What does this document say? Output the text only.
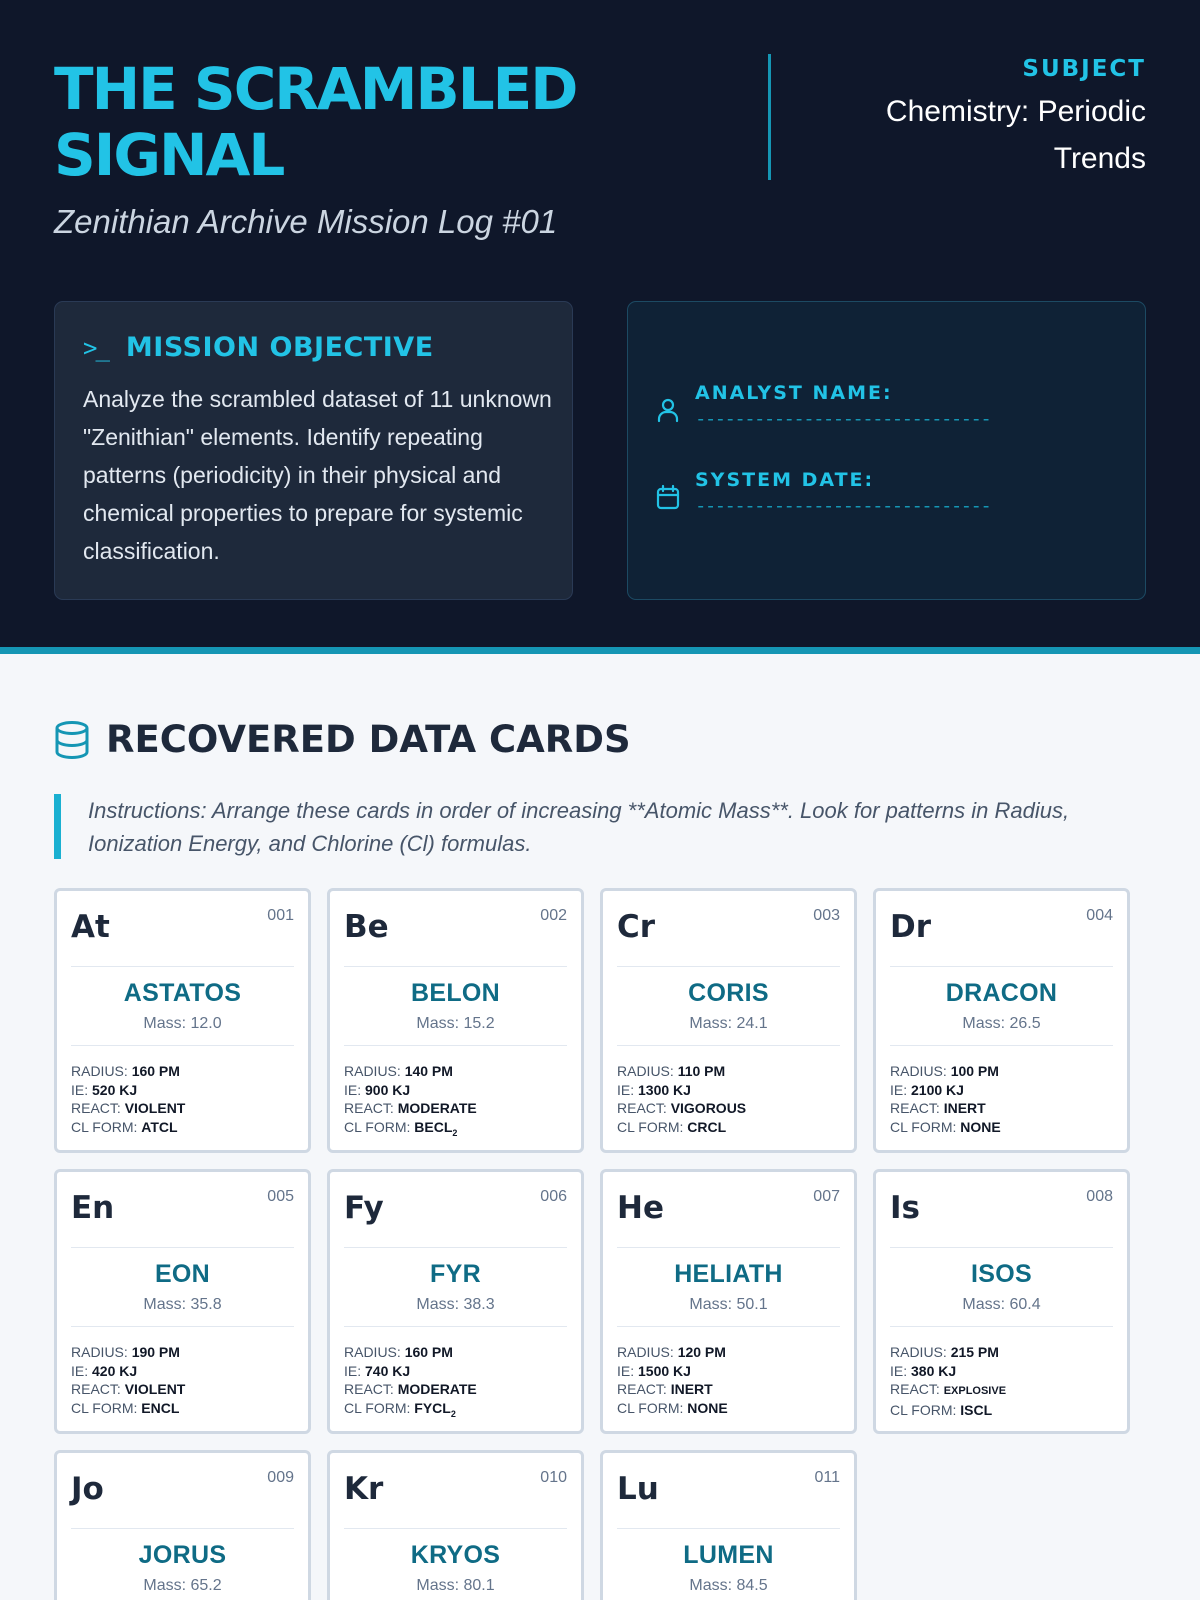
THE SCRAMBLED SIGNAL
Zenithian Archive Mission Log #01
SUBJECT
Chemistry: Periodic Trends
>_ MISSION OBJECTIVE
Analyze the scrambled dataset of 11 unknown "Zenithian" elements. Identify repeating patterns (periodicity) in their physical and chemical properties to prepare for systemic classification.
ANALYST NAME:
------------------------------
SYSTEM DATE:
------------------------------
RECOVERED DATA CARDS
Instructions: Arrange these cards in order of increasing **Atomic Mass**. Look for patterns in Radius, Ionization Energy, and Chlorine (Cl) formulas.
At	001
ASTATOS
Mass: 12.0
RADIUS: 160 PM
IE: 520 KJ
REACT: VIOLENT
CL FORM: ATCL
Be	002
BELON
Mass: 15.2
RADIUS: 140 PM
IE: 900 KJ
REACT: MODERATE
CL FORM: $BECL_2$
Cr	003
CORIS
Mass: 24.1
RADIUS: 110 PM
IE: 1300 KJ
REACT: VIGOROUS
CL FORM: CRCL
Dr	004
DRACON
Mass: 26.5
RADIUS: 100 PM
IE: 2100 KJ
REACT: INERT
CL FORM: NONE
En	005
EON
Mass: 35.8
RADIUS: 190 PM
IE: 420 KJ
REACT: VIOLENT
CL FORM: ENCL
Fy	006
FYR
Mass: 38.3
RADIUS: 160 PM
IE: 740 KJ
REACT: MODERATE
CL FORM: $FYCL_2$
He	007
HELIATH
Mass: 50.1
RADIUS: 120 PM
IE: 1500 KJ
REACT: INERT
CL FORM: NONE
Is	008
ISOS
Mass: 60.4
RADIUS: 215 PM
IE: 380 KJ
REACT: EXPLOSIVE
CL FORM: ISCL
Jo	009
JORUS
Mass: 65.2
Kr	010
KRYOS
Mass: 80.1
Lu	011
LUMEN
Mass: 84.5
